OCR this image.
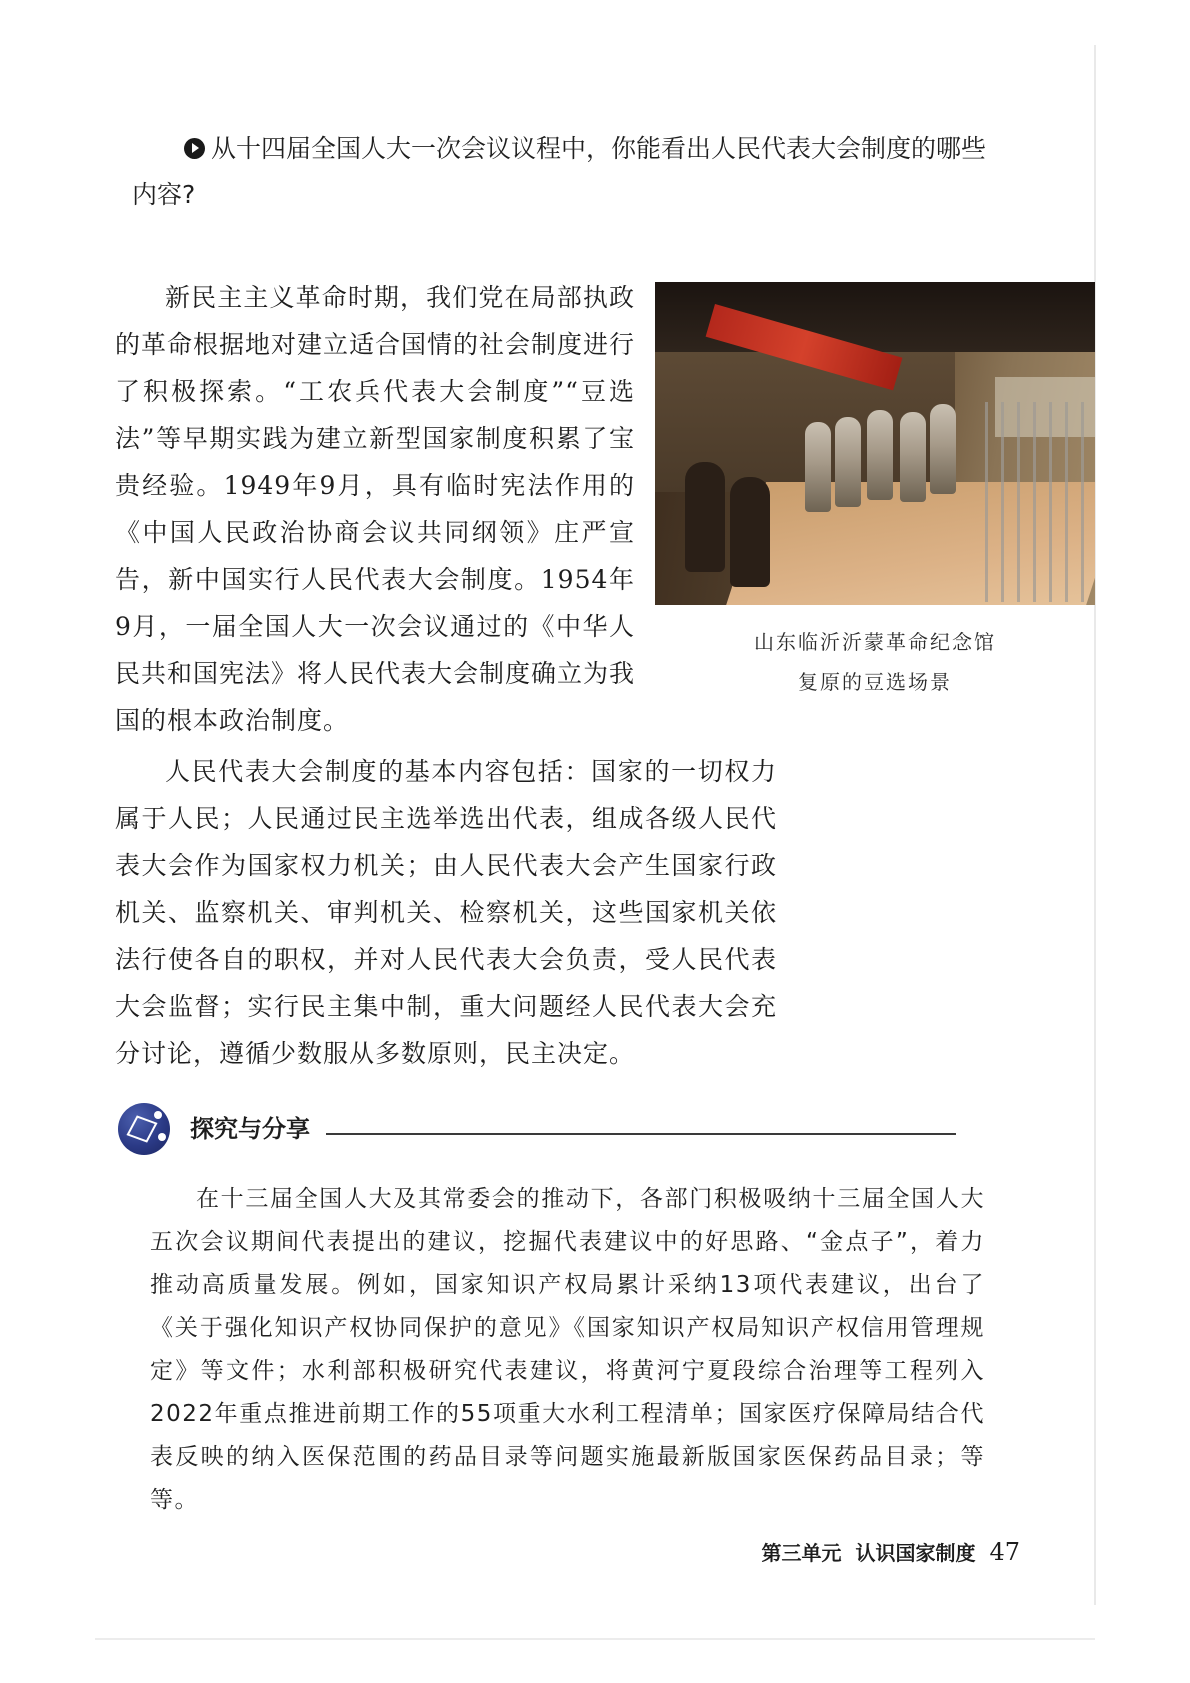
从十四届全国人大一次会议议程中，你能看出人民代表大会制度的哪些内容?
新民主主义革命时期，我们党在局部执政的革命根据地对建立适合国情的社会制度进行了积极探索。“工农兵代表大会制度”“豆选法”等早期实践为建立新型国家制度积累了宝贵经验。1949年9月，具有临时宪法作用的《中国人民政治协商会议共同纲领》庄严宣告，新中国实行人民代表大会制度。1954年9月，一届全国人大一次会议通过的《中华人民共和国宪法》将人民代表大会制度确立为我国的根本政治制度。
山东临沂沂蒙革命纪念馆
复原的豆选场景
人民代表大会制度的基本内容包括：国家的一切权力属于人民；人民通过民主选举选出代表，组成各级人民代表大会作为国家权力机关；由人民代表大会产生国家行政机关、监察机关、审判机关、检察机关，这些国家机关依法行使各自的职权，并对人民代表大会负责，受人民代表大会监督；实行民主集中制，重大问题经人民代表大会充分讨论，遵循少数服从多数原则，民主决定。
探究与分享
在十三届全国人大及其常委会的推动下，各部门积极吸纳十三届全国人大五次会议期间代表提出的建议，挖掘代表建议中的好思路、“金点子”，着力推动高质量发展。例如，国家知识产权局累计采纳13项代表建议，出台了《关于强化知识产权协同保护的意见》《国家知识产权局知识产权信用管理规定》等文件；水利部积极研究代表建议，将黄河宁夏段综合治理等工程列入2022年重点推进前期工作的55项重大水利工程清单；国家医疗保障局结合代表反映的纳入医保范围的药品目录等问题实施最新版国家医保药品目录；等等。
第三单元 认识国家制度 47
